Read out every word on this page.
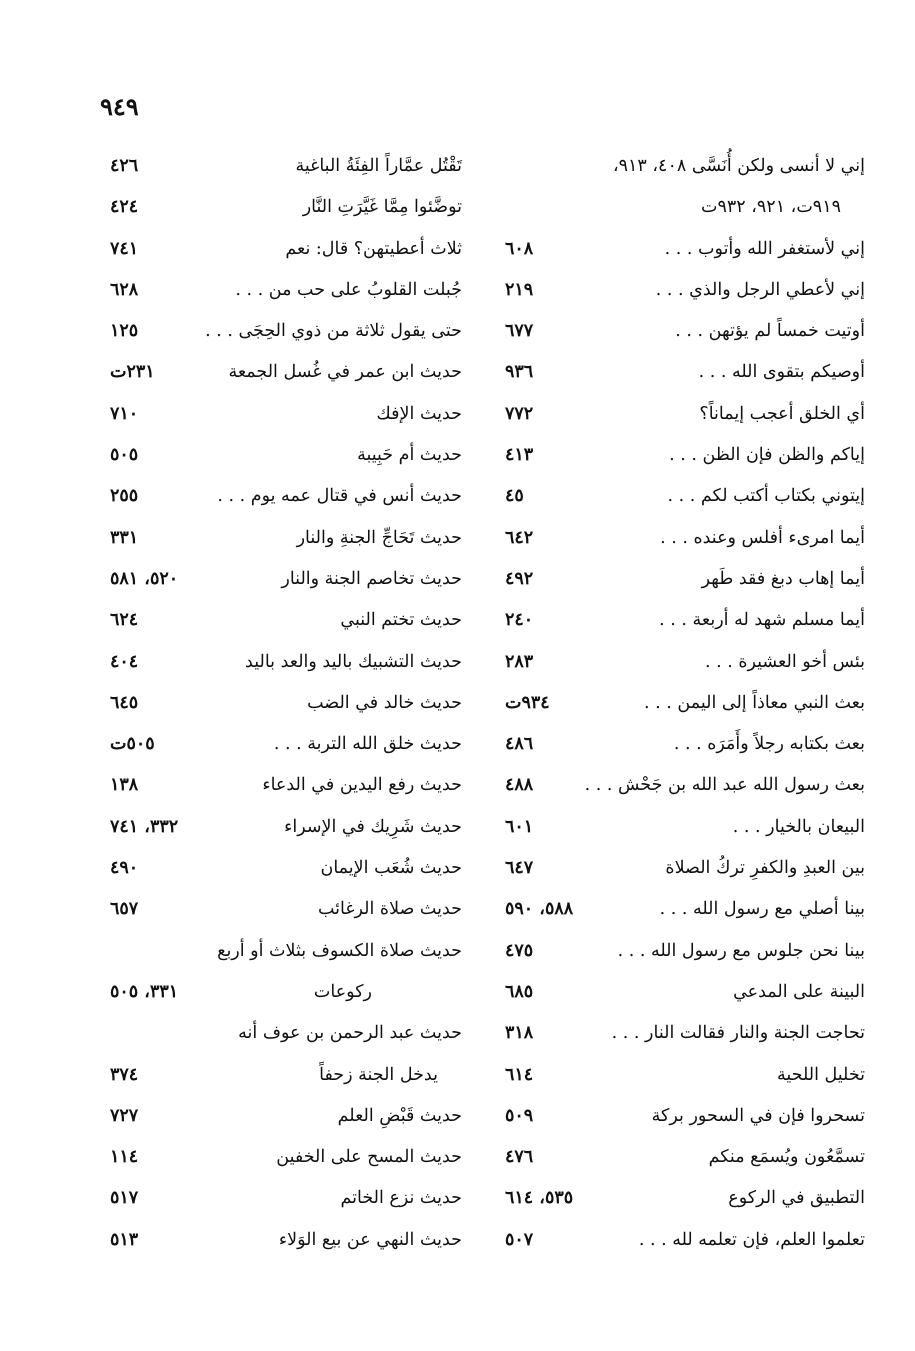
٩٤٩
إني لا أنسى ولكن أُنَسَّى ٤٠٨، ٩١٣،
٩١٩ت، ٩٢١، ٩٣٢ت
إني لأستغفر الله وأتوب . . .
٦٠٨
إني لأعطي الرجل والذي . . .
٢١٩
أوتيت خمساً لم يؤتهن . . .
٦٧٧
أوصيكم بتقوى الله . . .
٩٣٦
أي الخلق أعجب إيماناً؟
٧٧٢
إياكم والظن فإن الظن . . .
٤١٣
إيتوني بكتاب أكتب لكم . . .
٤٥
أيما امرىء أفلس وعنده . . .
٦٤٢
أيما إهاب دبغ فقد طَهر
٤٩٢
أيما مسلم شهد له أربعة . . .
٢٤٠
بئس أخو العشيرة . . .
٢٨٣
بعث النبي معاذاً إلى اليمن . . .
٩٣٤ت
بعث بكتابه رجلاً وأَمَرَه . . .
٤٨٦
بعث رسول الله عبد الله بن جَحْش . . .
٤٨٨
البيعان بالخيار . . .
٦٠١
بين العبدِ والكفرِ تركُ الصلاة
٦٤٧
بينا أصلي مع رسول الله . . .
٥٨٨، ٥٩٠
بينا نحن جلوس مع رسول الله . . .
٤٧٥
البينة على المدعي
٦٨٥
تحاجت الجنة والنار فقالت النار . . .
٣١٨
تخليل اللحية
٦١٤
تسحروا فإن في السحور بركة
٥٠٩
تسمَّعُون ويُسمَع منكم
٤٧٦
التطبيق في الركوع
٥٣٥، ٦١٤
تعلموا العلم، فإن تعلمه لله . . .
٥٠٧
تَقْتُل عمَّاراً الفِئَةُ الباغية
٤٢٦
توضَّئوا مِمَّا غَيَّرَتِ النَّار
٤٢٤
ثلاث أعطيتهن؟ قال: نعم
٧٤١
جُبلت القلوبُ على حب من . . .
٦٢٨
حتى يقول ثلاثة من ذوي الحِجَى . . .
١٢٥
حديث ابن عمر في غُسل الجمعة
٢٣١ت
حديث الإفك
٧١٠
حديث أم حَبِيبة
٥٠٥
حديث أنس في قتال عمه يوم . . .
٢٥٥
حديث تَحَاجِّ الجنةِ والنار
٣٣١
حديث تخاصم الجنة والنار
٥٢٠، ٥٨١
حديث تختم النبي
٦٢٤
حديث التشبيك باليد والعد باليد
٤٠٤
حديث خالد في الضب
٦٤٥
حديث خلق الله التربة . . .
٥٠٥ت
حديث رفع اليدين في الدعاء
١٣٨
حديث شَرِيك في الإسراء
٣٣٢، ٧٤١
حديث شُعَب الإيمان
٤٩٠
حديث صلاة الرغائب
٦٥٧
حديث صلاة الكسوف بثلاث أو أربع
ركوعات
٣٣١، ٥٠٥
حديث عبد الرحمن بن عوف أنه
يدخل الجنة زحفاً
٣٧٤
حديث قَبْضِ العلم
٧٢٧
حديث المسح على الخفين
١١٤
حديث نزع الخاتم
٥١٧
حديث النهي عن بيع الوَلاء
٥١٣
